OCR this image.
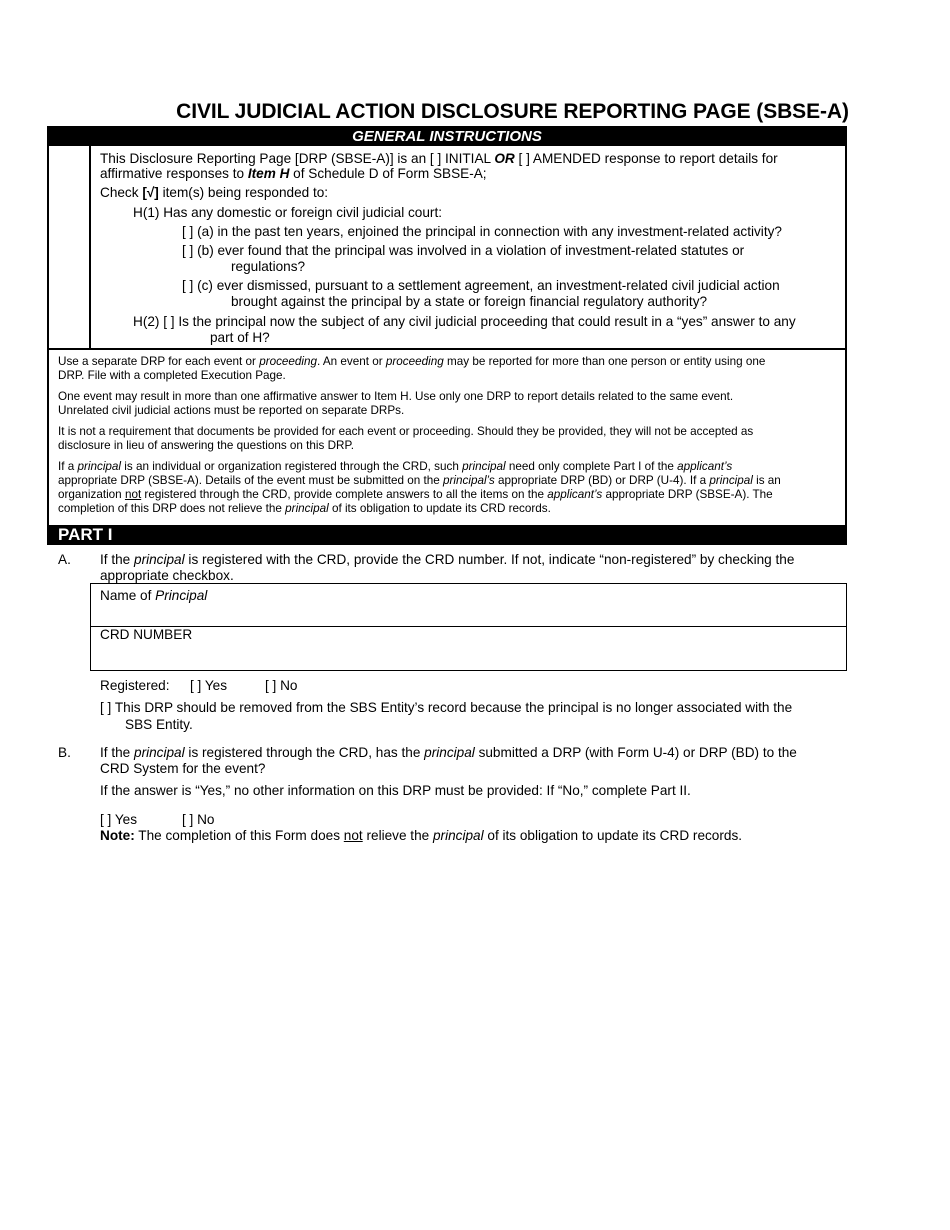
CIVIL JUDICIAL ACTION DISCLOSURE REPORTING PAGE (SBSE-A)
GENERAL INSTRUCTIONS
This Disclosure Reporting Page [DRP (SBSE-A)] is an [ ] INITIAL OR [ ] AMENDED response to report details for
affirmative responses to Item H of Schedule D of Form SBSE-A;
Check [√] item(s) being responded to:
H(1) Has any domestic or foreign civil judicial court:
[ ] (a) in the past ten years, enjoined the principal in connection with any investment-related activity?
[ ] (b) ever found that the principal was involved in a violation of investment-related statutes or
regulations?
[ ] (c) ever dismissed, pursuant to a settlement agreement, an investment-related civil judicial action
brought against the principal by a state or foreign financial regulatory authority?
H(2) [ ] Is the principal now the subject of any civil judicial proceeding that could result in a “yes” answer to any
part of H?
Use a separate DRP for each event or proceeding. An event or proceeding may be reported for more than one person or entity using one
DRP. File with a completed Execution Page.
One event may result in more than one affirmative answer to Item H. Use only one DRP to report details related to the same event.
Unrelated civil judicial actions must be reported on separate DRPs.
It is not a requirement that documents be provided for each event or proceeding. Should they be provided, they will not be accepted as
disclosure in lieu of answering the questions on this DRP.
If a principal is an individual or organization registered through the CRD, such principal need only complete Part I of the applicant’s
appropriate DRP (SBSE-A). Details of the event must be submitted on the principal’s appropriate DRP (BD) or DRP (U-4). If a principal is an
organization not registered through the CRD, provide complete answers to all the items on the applicant’s appropriate DRP (SBSE-A). The
completion of this DRP does not relieve the principal of its obligation to update its CRD records.
PART I
A. If the principal is registered with the CRD, provide the CRD number. If not, indicate “non-registered” by checking the
appropriate checkbox.
Name of Principal
CRD NUMBER
Registered: [ ] Yes	[ ] No
[ ] This DRP should be removed from the SBS Entity’s record because the principal is no longer associated with the
SBS Entity.
B. If the principal is registered through the CRD, has the principal submitted a DRP (with Form U-4) or DRP (BD) to the
CRD System for the event?
If the answer is “Yes,” no other information on this DRP must be provided: If “No,” complete Part II.
[ ] Yes	[ ] No
Note: The completion of this Form does not relieve the principal of its obligation to update its CRD records.
